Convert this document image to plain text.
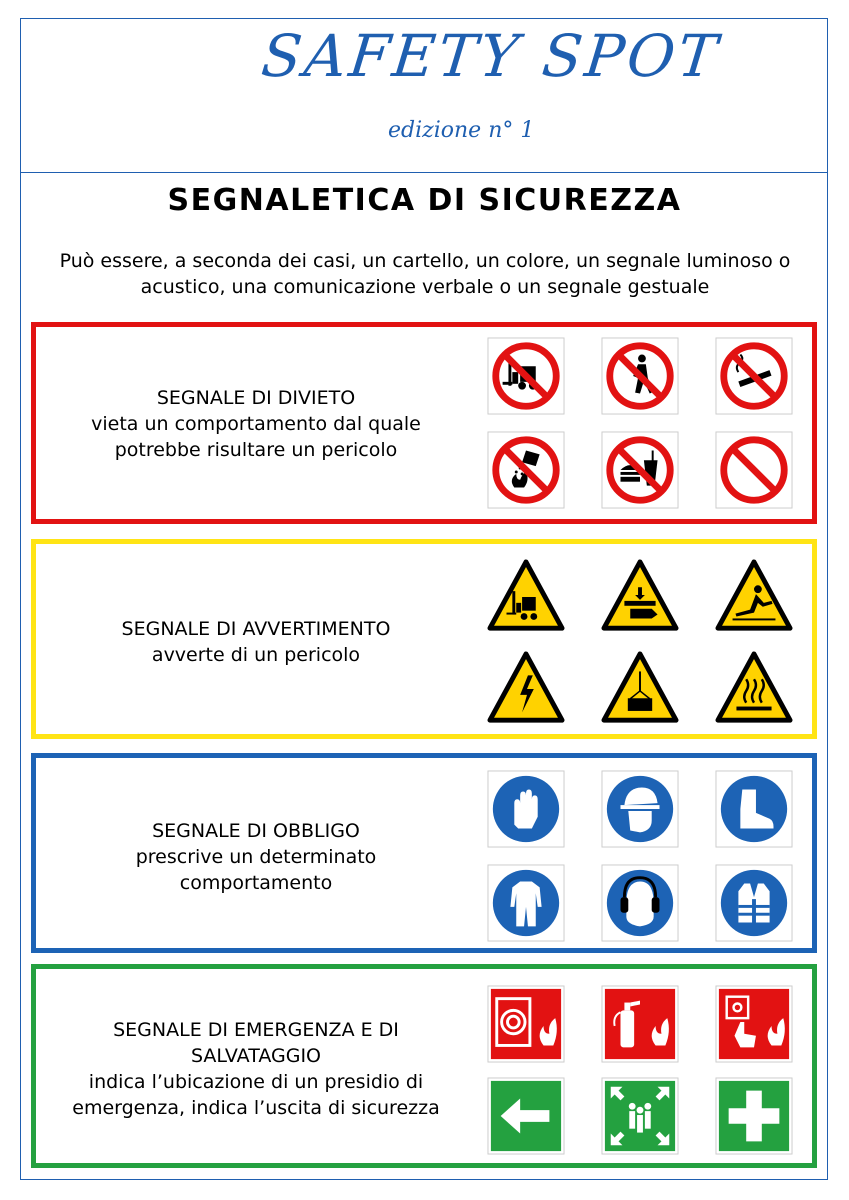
SAFETY SPOT
edizione n° 1
SEGNALETICA DI SICUREZZA
Può essere, a seconda dei casi, un cartello, un colore, un segnale luminoso o
acustico, una comunicazione verbale o un segnale gestuale
SEGNALE DI DIVIETO
vieta un comportamento dal quale
potrebbe risultare un pericolo
SEGNALE DI AVVERTIMENTO
avverte di un pericolo
SEGNALE DI OBBLIGO
prescrive un determinato
comportamento
SEGNALE DI EMERGENZA E DI
SALVATAGGIO
indica l’ubicazione di un presidio di
emergenza, indica l’uscita di sicurezza
